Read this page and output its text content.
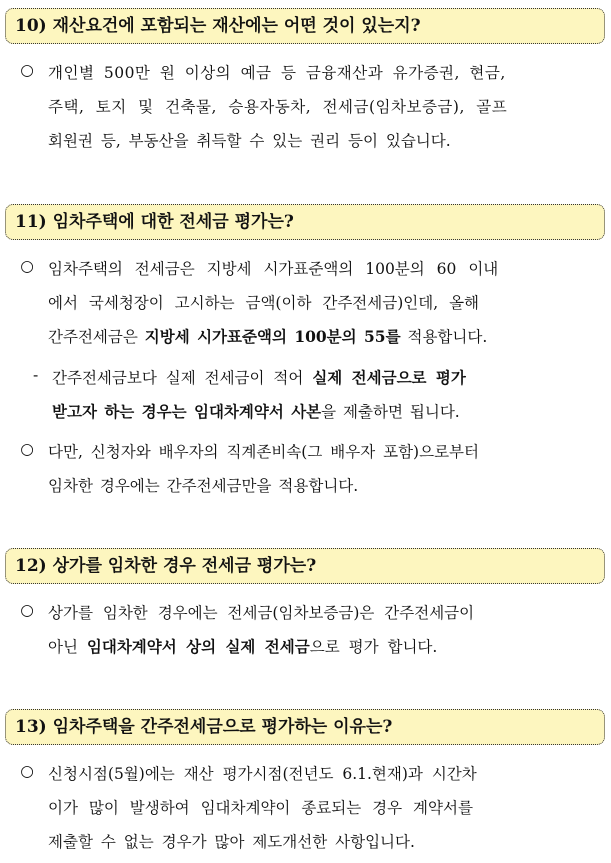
10) 재산요건에 포함되는 재산에는 어떤 것이 있는지?
○ 개인별 500만 원 이상의 예금 등 금융재산과 유가증권, 현금,
주택, 토지 및 건축물, 승용자동차, 전세금(임차보증금), 골프
회원권 등, 부동산을 취득할 수 있는 권리 등이 있습니다.
11) 임차주택에 대한 전세금 평가는?
○ 임차주택의 전세금은 지방세 시가표준액의 100분의 60 이내
에서 국세청장이 고시하는 금액(이하 간주전세금)인데, 올해
간주전세금은 지방세 시가표준액의 100분의 55를 적용합니다.
- 간주전세금보다 실제 전세금이 적어 실제 전세금으로 평가
받고자 하는 경우는 임대차계약서 사본을 제출하면 됩니다.
○ 다만, 신청자와 배우자의 직계존비속(그 배우자 포함)으로부터
임차한 경우에는 간주전세금만을 적용합니다.
12) 상가를 임차한 경우 전세금 평가는?
○ 상가를 임차한 경우에는 전세금(임차보증금)은 간주전세금이
아닌 임대차계약서 상의 실제 전세금으로 평가 합니다.
13) 임차주택을 간주전세금으로 평가하는 이유는?
○ 신청시점(5월)에는 재산 평가시점(전년도 6.1.현재)과 시간차
이가 많이 발생하여 임대차계약이 종료되는 경우 계약서를
제출할 수 없는 경우가 많아 제도개선한 사항입니다.
